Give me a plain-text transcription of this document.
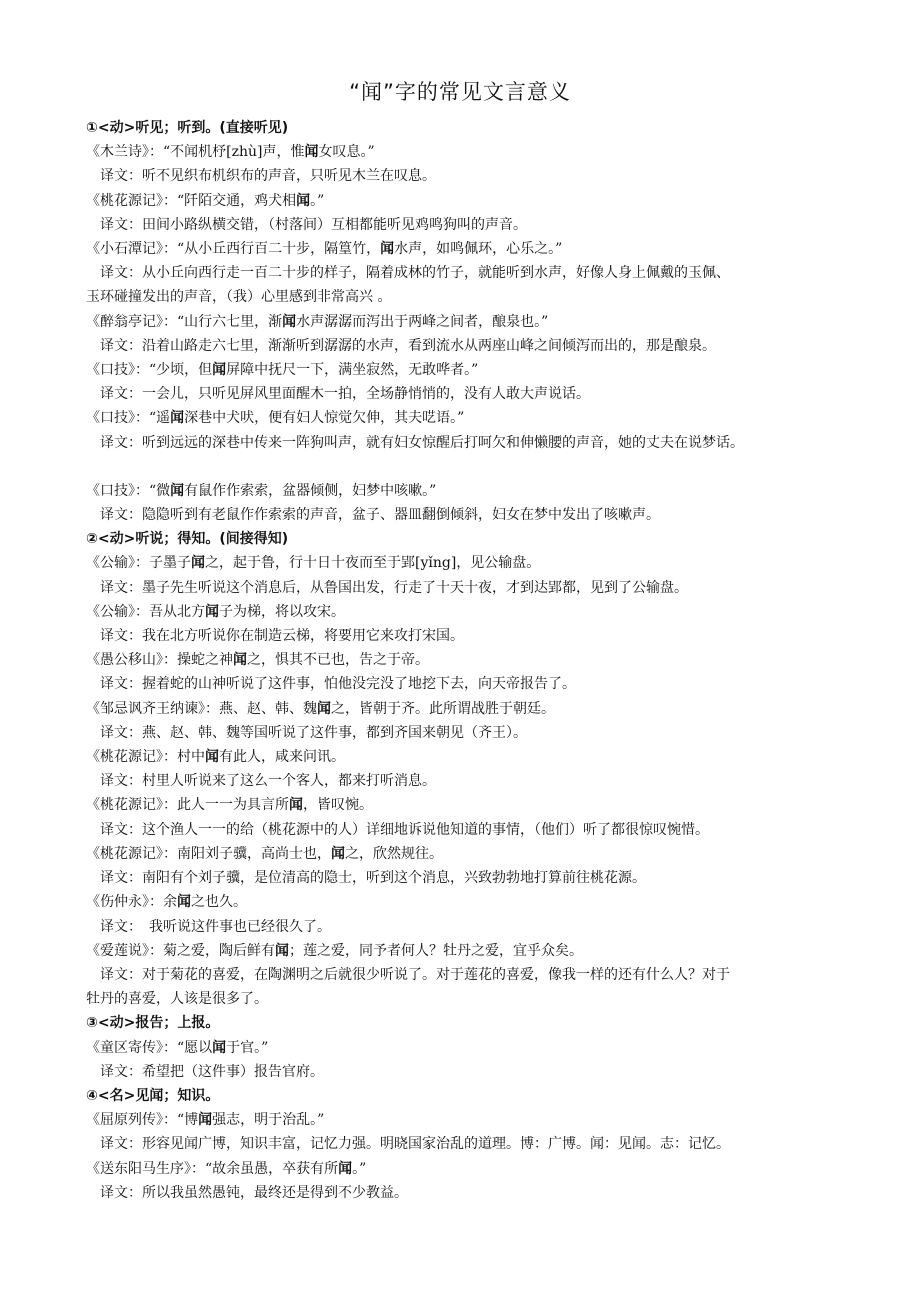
“闻”字的常见文言意义
①<动>听见；听到。(直接听见)
《木兰诗》：“不闻机杼[zhù]声，惟闻女叹息。”
译文：听不见织布机织布的声音，只听见木兰在叹息。
《桃花源记》：“阡陌交通，鸡犬相闻。”
译文：田间小路纵横交错，（村落间）互相都能听见鸡鸣狗叫的声音。
《小石潭记》：“从小丘西行百二十步，隔篁竹，闻水声，如鸣佩环，心乐之。”
译文：从小丘向西行走一百二十步的样子，隔着成林的竹子，就能听到水声，好像人身上佩戴的玉佩、
玉环碰撞发出的声音，（我）心里感到非常高兴 。
《醉翁亭记》：“山行六七里，渐闻水声潺潺而泻出于两峰之间者，酿泉也。”
译文：沿着山路走六七里，渐渐听到潺潺的水声，看到流水从两座山峰之间倾泻而出的，那是酿泉。
《口技》：“少顷，但闻屏障中抚尺一下，满坐寂然，无敢哗者。”
译文：一会儿，只听见屏风里面醒木一拍，全场静悄悄的，没有人敢大声说话。
《口技》：“遥闻深巷中犬吠，便有妇人惊觉欠伸，其夫呓语。”
译文：听到远远的深巷中传来一阵狗叫声，就有妇女惊醒后打呵欠和伸懒腰的声音，她的丈夫在说梦话。
《口技》：“微闻有鼠作作索索，盆器倾侧，妇梦中咳嗽。”
译文：隐隐听到有老鼠作作索索的声音，盆子、器皿翻倒倾斜，妇女在梦中发出了咳嗽声。
②<动>听说；得知。(间接得知)
《公输》：子墨子闻之，起于鲁，行十日十夜而至于郢[yǐng]，见公输盘。
译文：墨子先生听说这个消息后，从鲁国出发，行走了十天十夜，才到达郢都，见到了公输盘。
《公输》：吾从北方闻子为梯，将以攻宋。
译文：我在北方听说你在制造云梯，将要用它来攻打宋国。
《愚公移山》：操蛇之神闻之，惧其不已也，告之于帝。
译文：握着蛇的山神听说了这件事，怕他没完没了地挖下去，向天帝报告了。
《邹忌讽齐王纳谏》：燕、赵、韩、魏闻之，皆朝于齐。此所谓战胜于朝廷。
译文：燕、赵、韩、魏等国听说了这件事，都到齐国来朝见（齐王）。
《桃花源记》：村中闻有此人，咸来问讯。
译文：村里人听说来了这么一个客人，都来打听消息。
《桃花源记》：此人一一为具言所闻，皆叹惋。
译文：这个渔人一一的给（桃花源中的人）详细地诉说他知道的事情，（他们）听了都很惊叹惋惜。
《桃花源记》：南阳刘子骥，高尚士也，闻之，欣然规往。
译文：南阳有个刘子骥，是位清高的隐士，听到这个消息，兴致勃勃地打算前往桃花源。
《伤仲永》：余闻之也久。
译文：　我听说这件事也已经很久了。
《爱莲说》：菊之爱，陶后鲜有闻；莲之爱，同予者何人？牡丹之爱，宜乎众矣。
译文：对于菊花的喜爱，在陶渊明之后就很少听说了。对于莲花的喜爱，像我一样的还有什么人？对于
牡丹的喜爱，人该是很多了。
③<动>报告；上报。
《童区寄传》：“愿以闻于官。”
译文：希望把（这件事）报告官府。
④<名>见闻；知识。
《屈原列传》：“博闻强志，明于治乱。”
译文：形容见闻广博，知识丰富，记忆力强。明晓国家治乱的道理。博：广博。闻：见闻。志：记忆。
《送东阳马生序》：“故余虽愚，卒获有所闻。”
译文：所以我虽然愚钝，最终还是得到不少教益。
